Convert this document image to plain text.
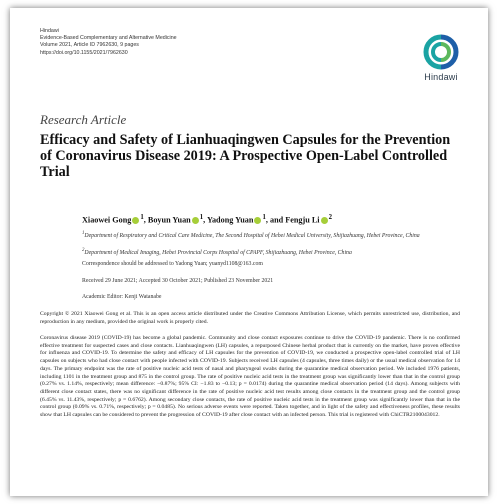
Hindawi
Evidence-Based Complementary and Alternative Medicine
Volume 2021, Article ID 7962630, 9 pages
https://doi.org/10.1155/2021/7962630
Hindawi
Research Article
Efficacy and Safety of Lianhuaqingwen Capsules for the Prevention of Coronavirus Disease 2019: A Prospective Open-Label Controlled Trial
Xiaowei Gong $^1$, Boyun Yuan $^1$, Yadong Yuan $^1$, and Fengju Li $^2$
$^1$Department of Respiratory and Critical Care Medicine, The Second Hospital of Hebei Medical University, Shijiazhuang, Hebei Province, China
$^2$Department of Medical Imaging, Hebei Provincial Corps Hospital of CPAPF, Shijiazhuang, Hebei Province, China
Correspondence should be addressed to Yadong Yuan; yuanyd1108@163.com
Received 29 June 2021; Accepted 30 October 2021; Published 23 November 2021
Academic Editor: Kenji Watanabe

Copyright © 2021 Xiaowei Gong et al. This is an open access article distributed under the Creative Commons Attribution License, which permits unrestricted use, distribution, and reproduction in any medium, provided the original work is properly cited.

Coronavirus disease 2019 (COVID-19) has become a global pandemic. Community and close contact exposures continue to drive the COVID-19 pandemic. There is no confirmed effective treatment for suspected cases and close contacts. Lianhuaqingwen (LH) capsules, a repurposed Chinese herbal product that is currently on the market, have proven effective for influenza and COVID-19. To determine the safety and efficacy of LH capsules for the prevention of COVID-19, we conducted a prospective open-label controlled trial of LH capsules on subjects who had close contact with people infected with COVID-19. Subjects received LH capsules (4 capsules, three times daily) or the usual medical observation for 14 days. The primary endpoint was the rate of positive nucleic acid tests of nasal and pharyngeal swabs during the quarantine medical observation period. We included 1976 patients, including 1101 in the treatment group and 875 in the control group. The rate of positive nucleic acid tests in the treatment group was significantly lower than that in the control group (0.27% vs. 1.14%, respectively; mean difference: −0.87%; 95% CI: −1.83 to −0.13; p = 0.0174) during the quarantine medical observation period (14 days). Among subjects with different close contact states, there was no significant difference in the rate of positive nucleic acid test results among close contacts in the treatment group and the control group (6.45% vs. 11.43%, respectively; p = 0.6762). Among secondary close contacts, the rate of positive nucleic acid tests in the treatment group was significantly lower than that in the control group (0.09% vs. 0.71%, respectively; p = 0.0485). No serious adverse events were reported. Taken together, and in light of the safety and effectiveness profiles, these results show that LH capsules can be considered to prevent the progression of COVID-19 after close contact with an infected person. This trial is registered with ChiCTR2100043012.
